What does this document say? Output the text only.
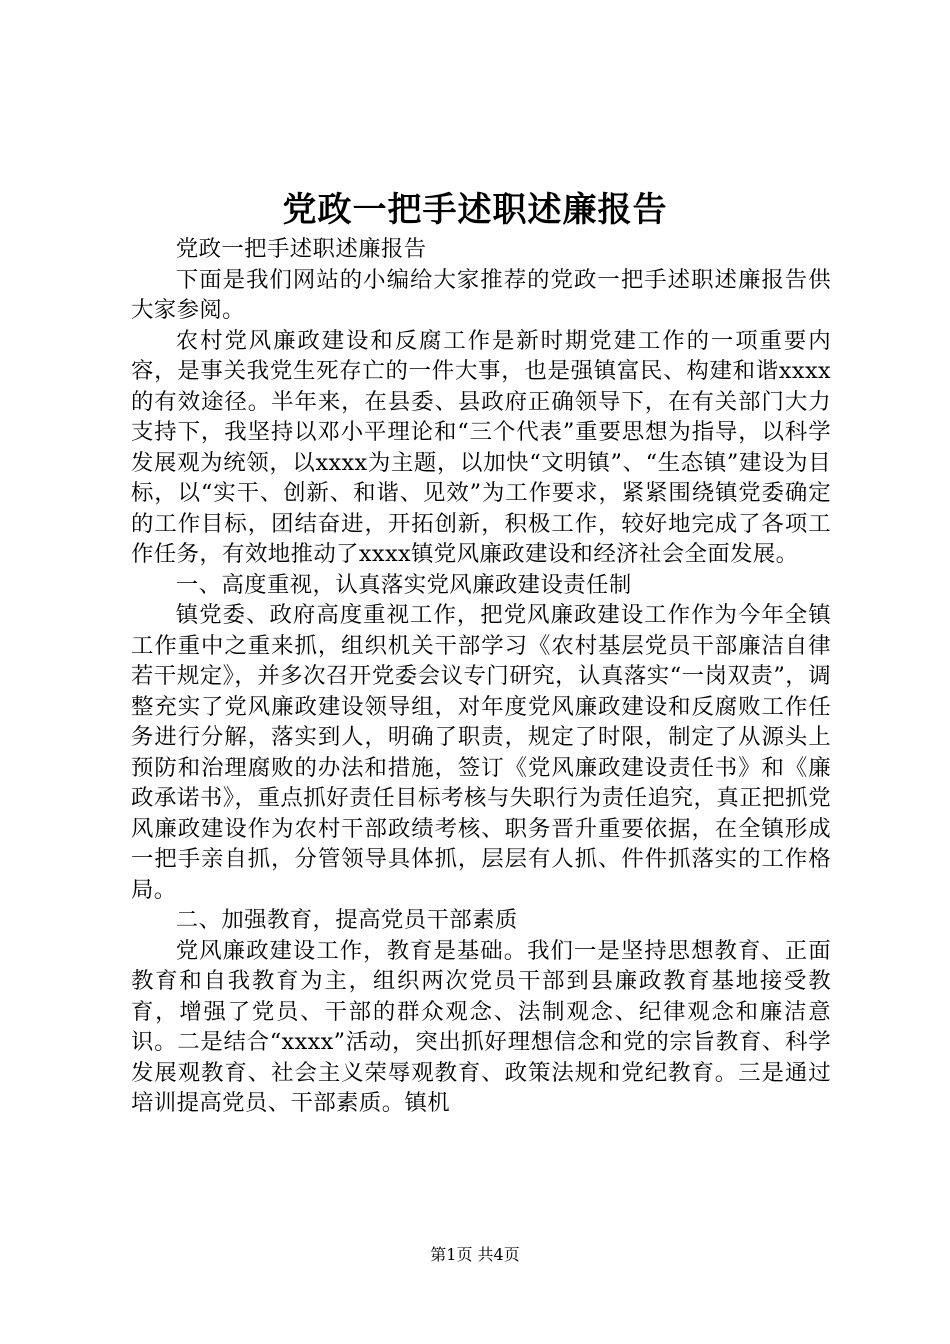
党政一把手述职述廉报告

党政一把手述职述廉报告

下面是我们网站的小编给大家推荐的党政一把手述职述廉报告供大家参阅。

农村党风廉政建设和反腐工作是新时期党建工作的一项重要内容，是事关我党生死存亡的一件大事，也是强镇富民、构建和谐xxxx的有效途径。半年来，在县委、县政府正确领导下，在有关部门大力支持下，我坚持以邓小平理论和“三个代表”重要思想为指导，以科学发展观为统领，以xxxx为主题，以加快“文明镇”、“生态镇”建设为目标，以“实干、创新、和谐、见效”为工作要求，紧紧围绕镇党委确定的工作目标，团结奋进，开拓创新，积极工作，较好地完成了各项工作任务，有效地推动了xxxx镇党风廉政建设和经济社会全面发展。

一、高度重视，认真落实党风廉政建设责任制

镇党委、政府高度重视工作，把党风廉政建设工作作为今年全镇工作重中之重来抓，组织机关干部学习《农村基层党员干部廉洁自律若干规定》，并多次召开党委会议专门研究，认真落实“一岗双责”，调整充实了党风廉政建设领导组，对年度党风廉政建设和反腐败工作任务进行分解，落实到人，明确了职责，规定了时限，制定了从源头上预防和治理腐败的办法和措施，签订《党风廉政建设责任书》和《廉政承诺书》，重点抓好责任目标考核与失职行为责任追究，真正把抓党风廉政建设作为农村干部政绩考核、职务晋升重要依据，在全镇形成一把手亲自抓，分管领导具体抓，层层有人抓、件件抓落实的工作格局。

二、加强教育，提高党员干部素质

党风廉政建设工作，教育是基础。我们一是坚持思想教育、正面教育和自我教育为主，组织两次党员干部到县廉政教育基地接受教育，增强了党员、干部的群众观念、法制观念、纪律观念和廉洁意识。二是结合“xxxx”活动，突出抓好理想信念和党的宗旨教育、科学发展观教育、社会主义荣辱观教育、政策法规和党纪教育。三是通过培训提高党员、干部素质。镇机

第1页 共4页
